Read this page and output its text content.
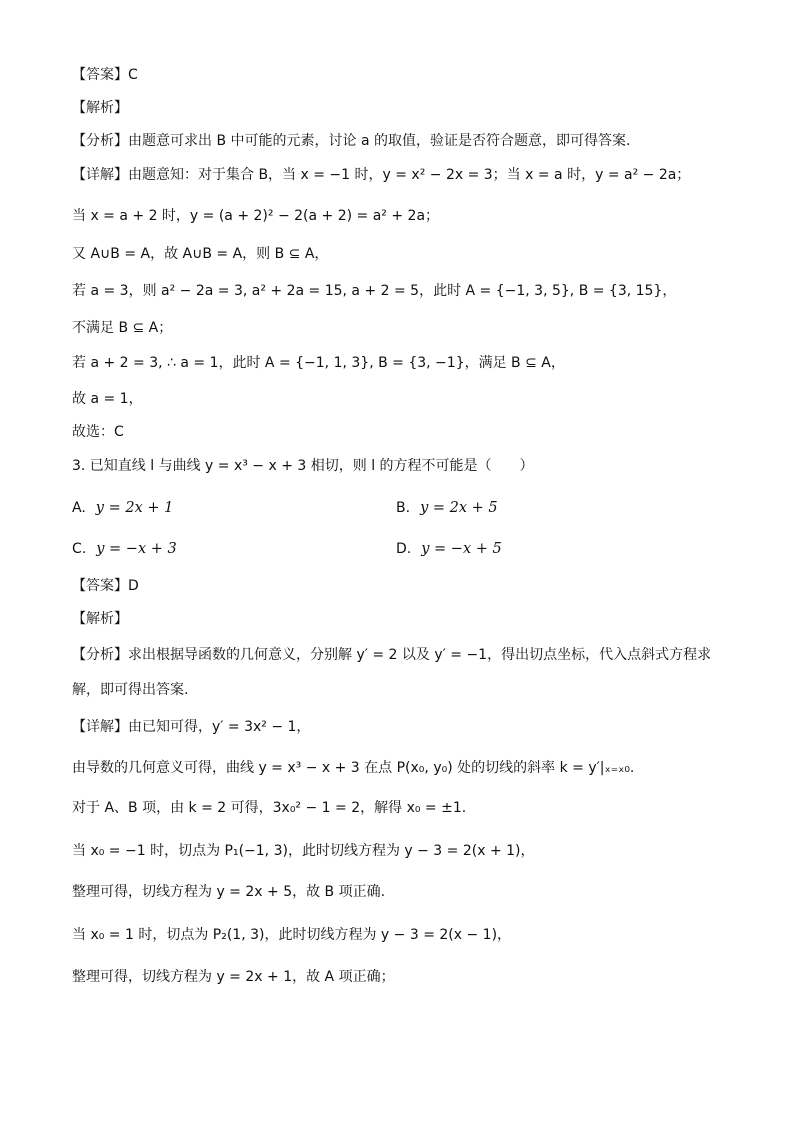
【答案】C
【解析】
【分析】由题意可求出 B 中可能的元素，讨论 a 的取值，验证是否符合题意，即可得答案.
【详解】由题意知：对于集合 B，当 x = −1 时，y = x² − 2x = 3；当 x = a 时，y = a² − 2a；
当 x = a + 2 时，y = (a + 2)² − 2(a + 2) = a² + 2a；
又 A∪B = A，故 A∪B = A，则 B ⊆ A，
若 a = 3，则 a² − 2a = 3, a² + 2a = 15, a + 2 = 5，此时 A = {−1, 3, 5}, B = {3, 15}，
不满足 B ⊆ A；
若 a + 2 = 3, ∴ a = 1，此时 A = {−1, 1, 3}, B = {3, −1}，满足 B ⊆ A，
故 a = 1，
故选：C
3. 已知直线 l 与曲线 y = x³ − x + 3 相切，则 l 的方程不可能是（　　）
A. y = 2x + 1	B. y = 2x + 5
C. y = −x + 3	D. y = −x + 5
【答案】D
【解析】
【分析】求出根据导函数的几何意义，分别解 y′ = 2 以及 y′ = −1，得出切点坐标，代入点斜式方程求
解，即可得出答案.
【详解】由已知可得，y′ = 3x² − 1，
由导数的几何意义可得，曲线 y = x³ − x + 3 在点 P(x₀, y₀) 处的切线的斜率 k = y′|ₓ₌ₓ₀.
对于 A、B 项，由 k = 2 可得，3x₀² − 1 = 2，解得 x₀ = ±1.
当 x₀ = −1 时，切点为 P₁(−1, 3)，此时切线方程为 y − 3 = 2(x + 1)，
整理可得，切线方程为 y = 2x + 5，故 B 项正确.
当 x₀ = 1 时，切点为 P₂(1, 3)，此时切线方程为 y − 3 = 2(x − 1)，
整理可得，切线方程为 y = 2x + 1，故 A 项正确；
